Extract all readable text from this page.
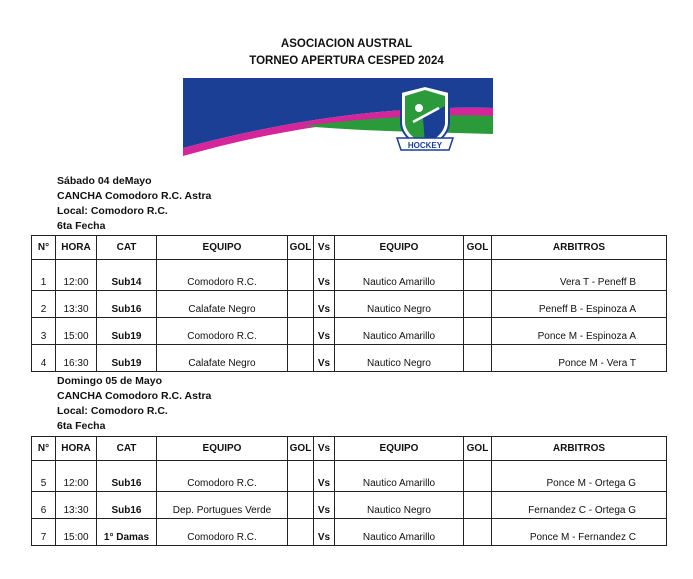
ASOCIACION AUSTRAL
TORNEO APERTURA CESPED 2024
HOCKEY
Sábado 04 deMayo
CANCHA Comodoro R.C. Astra
Local: Comodoro R.C.
6ta Fecha
N°	HORA	CAT	EQUIPO	GOL	Vs	EQUIPO	GOL	ARBITROS
1	12:00	Sub14	Comodoro R.C.		Vs	Nautico Amarillo		Vera T - Peneff B
2	13:30	Sub16	Calafate Negro		Vs	Nautico Negro		Peneff B - Espinoza A
3	15:00	Sub19	Comodoro R.C.		Vs	Nautico Amarillo		Ponce M - Espinoza A
4	16:30	Sub19	Calafate Negro		Vs	Nautico Negro		Ponce M - Vera T
Domingo 05 de Mayo
CANCHA Comodoro R.C. Astra
Local: Comodoro R.C.
6ta Fecha
N°	HORA	CAT	EQUIPO	GOL	Vs	EQUIPO	GOL	ARBITROS
5	12:00	Sub16	Comodoro R.C.		Vs	Nautico Amarillo		Ponce M - Ortega G
6	13:30	Sub16	Dep. Portugues Verde		Vs	Nautico Negro		Fernandez C - Ortega G
7	15:00	1° Damas	Comodoro R.C.		Vs	Nautico Amarillo		Ponce M - Fernandez C
